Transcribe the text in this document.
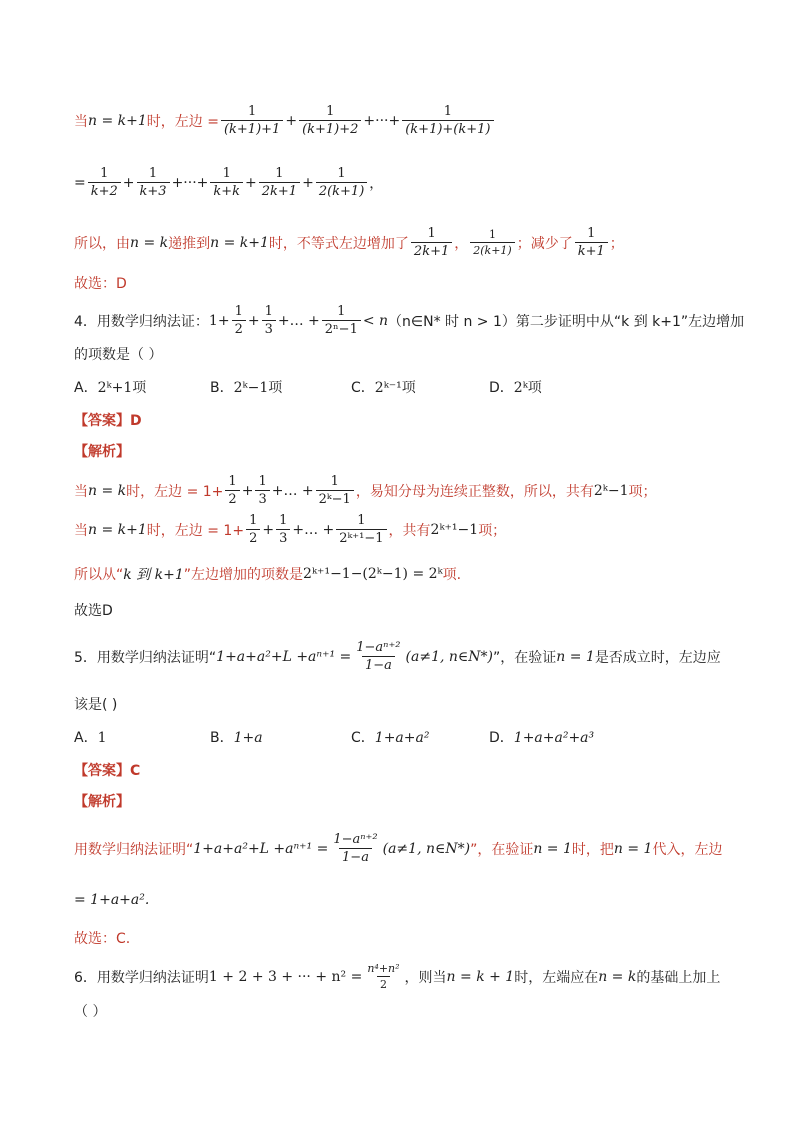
当 n = k+1 时，左边 = $\frac{1}{(k+1)+1} + \frac{1}{(k+1)+2}$ +···+ $\frac{1}{(k+1)+(k+1)}$
= $\frac{1}{k+2} + \frac{1}{k+3}$ +···+ $\frac{1}{k+k} + \frac{1}{2k+1} + \frac{1}{2(k+1)}$ ，
所以，由 n = k 递推到 n = k+1 时，不等式左边增加了 $\frac{1}{2k+1}$ ， $\frac{1}{2(k+1)}$ ；减少了 $\frac{1}{k+1}$ ；
故选：D
4．用数学归纳法证： $1+ \frac{1}{2} + \frac{1}{3}$ +… + $\frac{1}{\text{2ⁿ−1}} < n$ （n∈N* 时 n > 1） 第二步证明中从“k 到 k+1”左边增加
的项数是（ ）
A．2ᵏ+1项	B．2ᵏ−1项	C．2ᵏ⁻¹项	D．2ᵏ项
【答案】D
【解析】
当 n = k 时，左边 = $1+ \frac{1}{2} + \frac{1}{3}$ +… + $\frac{1}{\text{2ᵏ−1}}$ ，易知分母为连续正整数，所以，共有 2ᵏ−1 项；
当 n = k+1 时，左边 = $1+ \frac{1}{2} + \frac{1}{3}$ +… + $\frac{1}{\text{2ᵏ⁺¹−1}}$ ，共有 2ᵏ⁺¹−1 项；
所以从“ k 到 k+1 ”左边增加的项数是 2ᵏ⁺¹−1−(2ᵏ−1) = 2ᵏ 项.
故选D
5．用数学归纳法证明“ $1+a+a^2+L +a^{n+1} = \frac{\text{1−aⁿ⁺²}}{1-a} (a\ne 1$, n∈N*) ”，在验证 n = 1 是否成立时，左边应
该是( )
A．1	B．1+a	C．1+a+a²	D．1+a+a²+a³
【答案】C
【解析】
用数学归纳法证明“ $1+a+a^2+L +a^{n+1} = \frac{\text{1−aⁿ⁺²}}{1-a} (a\ne 1$, n∈N*) ”，在验证 n = 1 时，把 n = 1 代入，左边
= 1+a+a².
故选：C.
6．用数学归纳法证明 1 + 2 + 3 + ··· + $n^2 = \frac{\text{n⁴+n²}}{2}$ ，则当 n = k + 1 时，左端应在 n = k 的基础上加上
（ ）
